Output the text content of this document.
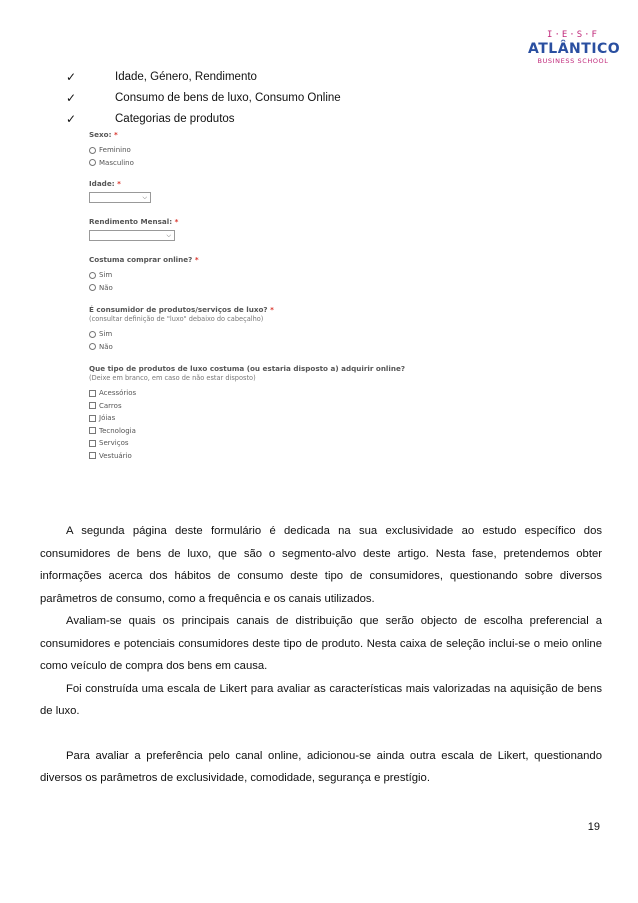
I·E·S·F
ATLÂNTICO
BUSINESS SCHOOL
✓	Idade, Género, Rendimento
✓	Consumo de bens de luxo, Consumo Online
✓	Categorias de produtos
Sexo: *
Feminino
Masculino
Idade: *
⌵
Rendimento Mensal: *
⌵
Costuma comprar online? *
Sim
Não
É consumidor de produtos/serviços de luxo? *
(consultar definição de "luxo" debaixo do cabeçalho)
Sim
Não
Que tipo de produtos de luxo costuma (ou estaria disposto a) adquirir online?
(Deixe em branco, em caso de não estar disposto)
Acessórios
Carros
Jóias
Tecnologia
Serviços
Vestuário

A segunda página deste formulário é dedicada na sua exclusividade ao estudo específico dos consumidores de bens de luxo, que são o segmento-alvo deste artigo. Nesta fase, pretendemos obter informações acerca dos hábitos de consumo deste tipo de consumidores, questionando sobre diversos parâmetros de consumo, como a frequência e os canais utilizados.

Avaliam-se quais os principais canais de distribuição que serão objecto de escolha preferencial a consumidores e potenciais consumidores deste tipo de produto. Nesta caixa de seleção inclui-se o meio online como veículo de compra dos bens em causa.

Foi construída uma escala de Likert para avaliar as características mais valorizadas na aquisição de bens de luxo.

Para avaliar a preferência pelo canal online, adicionou-se ainda outra escala de Likert, questionando diversos os parâmetros de exclusividade, comodidade, segurança e prestígio.

19
